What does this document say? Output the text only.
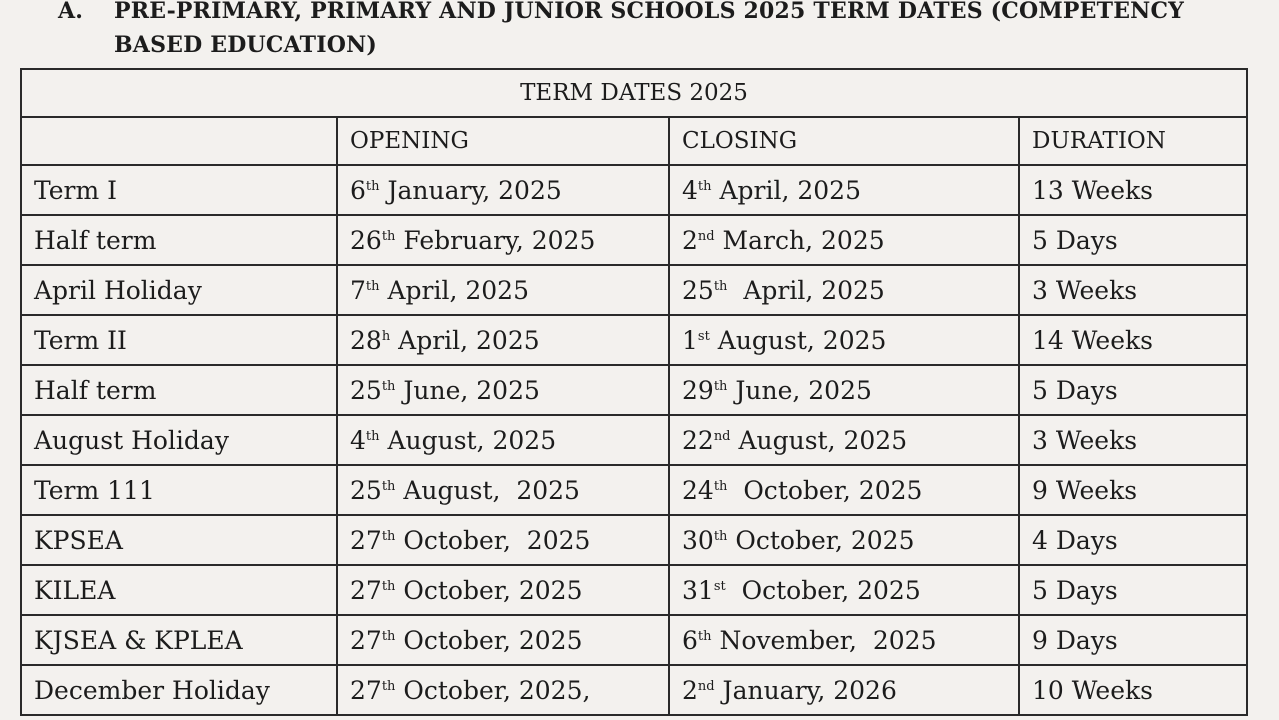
A. PRE-PRIMARY, PRIMARY AND JUNIOR SCHOOLS 2025 TERM DATES (COMPETENCY
BASED EDUCATION)
TERM DATES 2025			
	OPENING	CLOSING	DURATION
Term I	6th January, 2025	4th April, 2025	13 Weeks
Half term	26th February, 2025	2nd March, 2025	5 Days
April Holiday	7th April, 2025	25th  April, 2025	3 Weeks
Term II	28$^h$ April, 2025	1st August, 2025	14 Weeks
Half term	25th June, 2025	29th June, 2025	5 Days
August Holiday	4th August, 2025	22nd August, 2025	3 Weeks
Term 111	25th August,  2025	24th  October, 2025	9 Weeks
KPSEA	27th October,  2025	30th October, 2025	4 Days
KILEA	27th October, 2025	31st  October, 2025	5 Days
KJSEA & KPLEA	27th October, 2025	6th November,  2025	9 Days
December Holiday	27th October, 2025,	2nd January, 2026	10 Weeks
